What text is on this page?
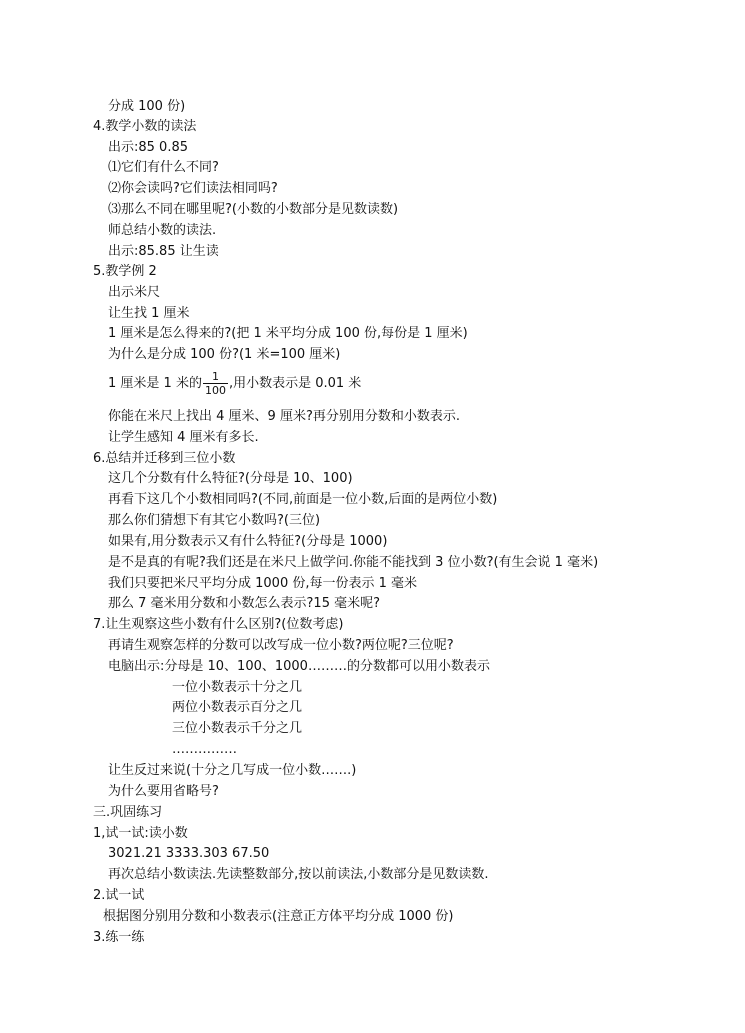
分成 100 份)
4.教学小数的读法
出示:85 0.85
⑴它们有什么不同?
⑵你会读吗?它们读法相同吗?
⑶那么不同在哪里呢?(小数的小数部分是见数读数)
师总结小数的读法.
出示:85.85 让生读
5.教学例 2
出示米尺
让生找 1 厘米
1 厘米是怎么得来的?(把 1 米平均分成 100 份,每份是 1 厘米)
为什么是分成 100 份?(1 米=100 厘米)
1 厘米是 1 米的 $\frac{1}{100}$ ,用小数表示是 0.01 米
你能在米尺上找出 4 厘米、9 厘米?再分别用分数和小数表示.
让学生感知 4 厘米有多长.
6.总结并迁移到三位小数
这几个分数有什么特征?(分母是 10、100)
再看下这几个小数相同吗?(不同,前面是一位小数,后面的是两位小数)
那么你们猜想下有其它小数吗?(三位)
如果有,用分数表示又有什么特征?(分母是 1000)
是不是真的有呢?我们还是在米尺上做学问.你能不能找到 3 位小数?(有生会说 1 毫米)
我们只要把米尺平均分成 1000 份,每一份表示 1 毫米
那么 7 毫米用分数和小数怎么表示?15 毫米呢?
7.让生观察这些小数有什么区别?(位数考虑)
再请生观察怎样的分数可以改写成一位小数?两位呢?三位呢?
电脑出示:分母是 10、100、1000………的分数都可以用小数表示
一位小数表示十分之几
两位小数表示百分之几
三位小数表示千分之几
……………
让生反过来说(十分之几写成一位小数…….)
为什么要用省略号?
三.巩固练习
1,试一试:读小数
3021.21 3333.303 67.50
再次总结小数读法.先读整数部分,按以前读法,小数部分是见数读数.
2.试一试
根据图分别用分数和小数表示(注意正方体平均分成 1000 份)
3.练一练
